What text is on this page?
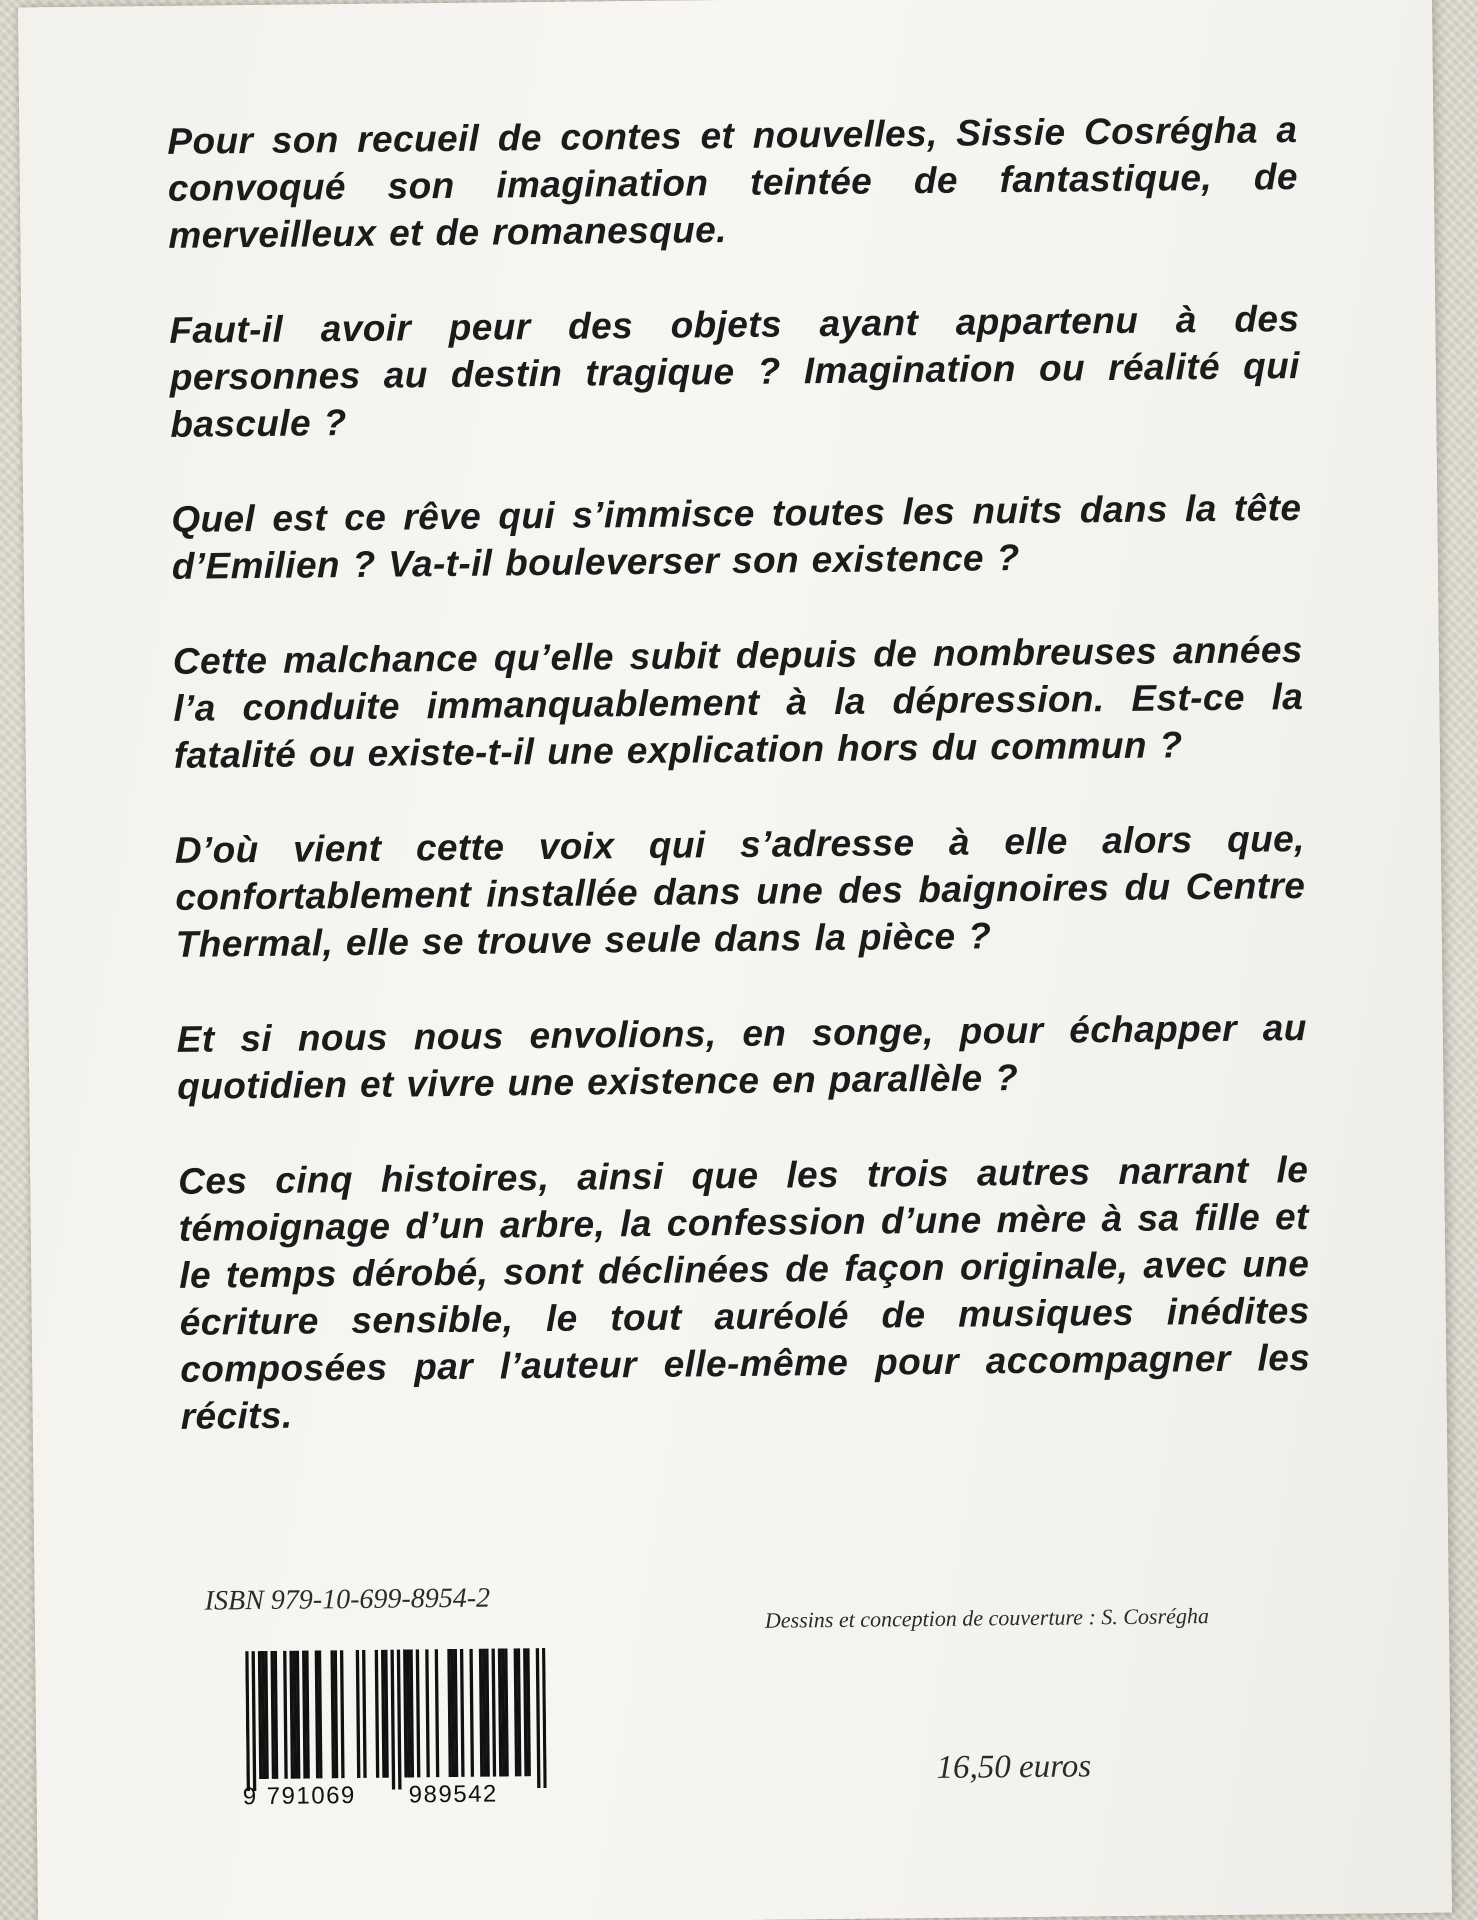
Pour son recueil de contes et nouvelles, Sissie Cosrégha a convoqué son imagination teintée de fantastique, de merveilleux et de romanesque.

Faut-il avoir peur des objets ayant appartenu à des personnes au destin tragique ? Imagination ou réalité qui bascule ?

Quel est ce rêve qui s’immisce toutes les nuits dans la tête d’Emilien ? Va-t-il bouleverser son existence ?

Cette malchance qu’elle subit depuis de nombreuses années l’a conduite immanquablement à la dépression. Est-ce la fatalité ou existe-t-il une explication hors du commun ?

D’où vient cette voix qui s’adresse à elle alors que, confortablement installée dans une des baignoires du Centre Thermal, elle se trouve seule dans la pièce ?

Et si nous nous envolions, en songe, pour échapper au quotidien et vivre une existence en parallèle ?

Ces cinq histoires, ainsi que les trois autres narrant le témoignage d’un arbre, la confession d’une mère à sa fille et le temps dérobé, sont déclinées de façon originale, avec une écriture sensible, le tout auréolé de musiques inédites composées par l’auteur elle-même pour accompagner les récits.

ISBN 979-10-699-8954-2
Dessins et conception de couverture : S. Cosrégha
9 791069 989542
16,50 euros
